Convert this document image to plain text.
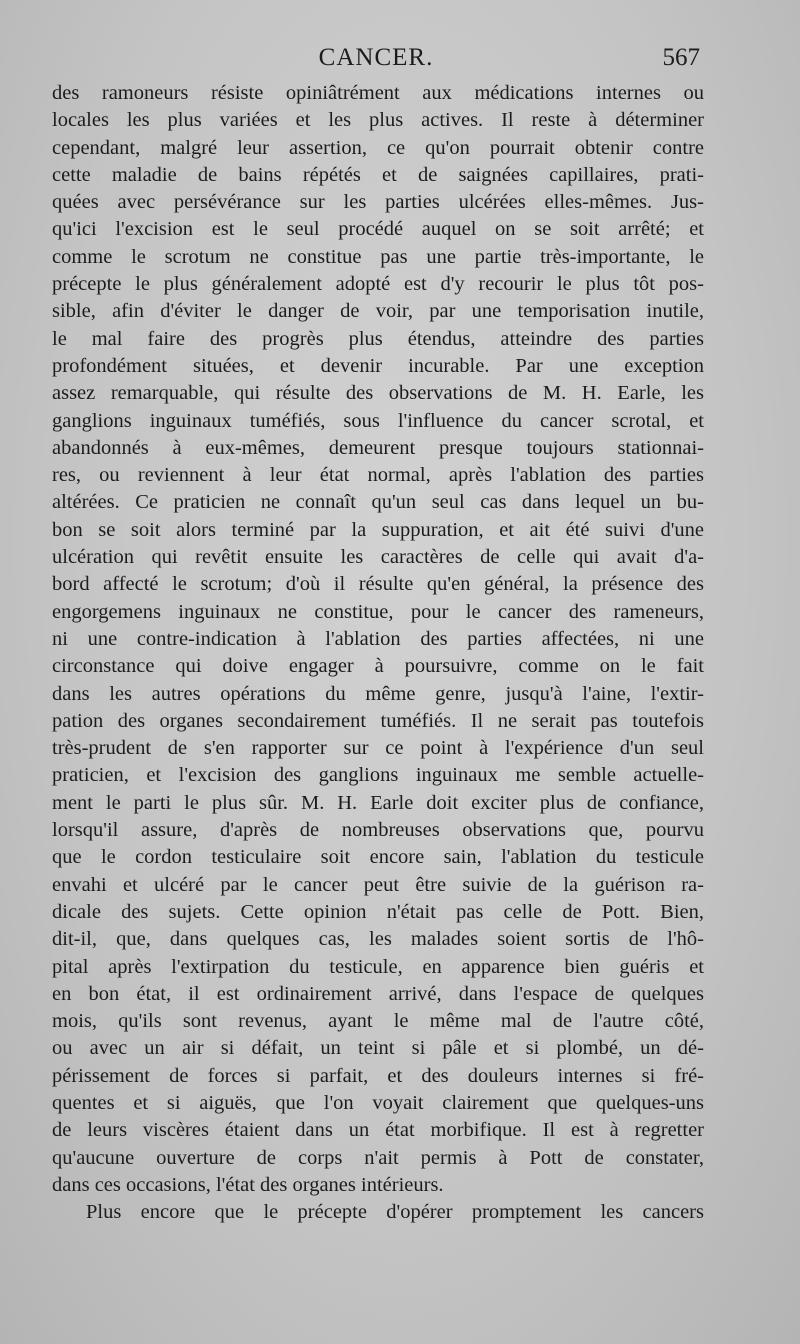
CANCER.	567
des ramoneurs résiste opiniâtrément aux médications internes ou
locales les plus variées et les plus actives. Il reste à déterminer
cependant, malgré leur assertion, ce qu'on pourrait obtenir contre
cette maladie de bains répétés et de saignées capillaires, prati-
quées avec persévérance sur les parties ulcérées elles-mêmes. Jus-
qu'ici l'excision est le seul procédé auquel on se soit arrêté; et
comme le scrotum ne constitue pas une partie très-importante, le
précepte le plus généralement adopté est d'y recourir le plus tôt pos-
sible, afin d'éviter le danger de voir, par une temporisation inutile,
le mal faire des progrès plus étendus, atteindre des parties
profondément situées, et devenir incurable. Par une exception
assez remarquable, qui résulte des observations de M. H. Earle, les
ganglions inguinaux tuméfiés, sous l'influence du cancer scrotal, et
abandonnés à eux-mêmes, demeurent presque toujours stationnai-
res, ou reviennent à leur état normal, après l'ablation des parties
altérées. Ce praticien ne connaît qu'un seul cas dans lequel un bu-
bon se soit alors terminé par la suppuration, et ait été suivi d'une
ulcération qui revêtit ensuite les caractères de celle qui avait d'a-
bord affecté le scrotum; d'où il résulte qu'en général, la présence des
engorgemens inguinaux ne constitue, pour le cancer des rameneurs,
ni une contre-indication à l'ablation des parties affectées, ni une
circonstance qui doive engager à poursuivre, comme on le fait
dans les autres opérations du même genre, jusqu'à l'aine, l'extir-
pation des organes secondairement tuméfiés. Il ne serait pas toutefois
très-prudent de s'en rapporter sur ce point à l'expérience d'un seul
praticien, et l'excision des ganglions inguinaux me semble actuelle-
ment le parti le plus sûr. M. H. Earle doit exciter plus de confiance,
lorsqu'il assure, d'après de nombreuses observations que, pourvu
que le cordon testiculaire soit encore sain, l'ablation du testicule
envahi et ulcéré par le cancer peut être suivie de la guérison ra-
dicale des sujets. Cette opinion n'était pas celle de Pott. Bien,
dit-il, que, dans quelques cas, les malades soient sortis de l'hô-
pital après l'extirpation du testicule, en apparence bien guéris et
en bon état, il est ordinairement arrivé, dans l'espace de quelques
mois, qu'ils sont revenus, ayant le même mal de l'autre côté,
ou avec un air si défait, un teint si pâle et si plombé, un dé-
périssement de forces si parfait, et des douleurs internes si fré-
quentes et si aiguës, que l'on voyait clairement que quelques-uns
de leurs viscères étaient dans un état morbifique. Il est à regretter
qu'aucune ouverture de corps n'ait permis à Pott de constater,
dans ces occasions, l'état des organes intérieurs.
Plus encore que le précepte d'opérer promptement les cancers
